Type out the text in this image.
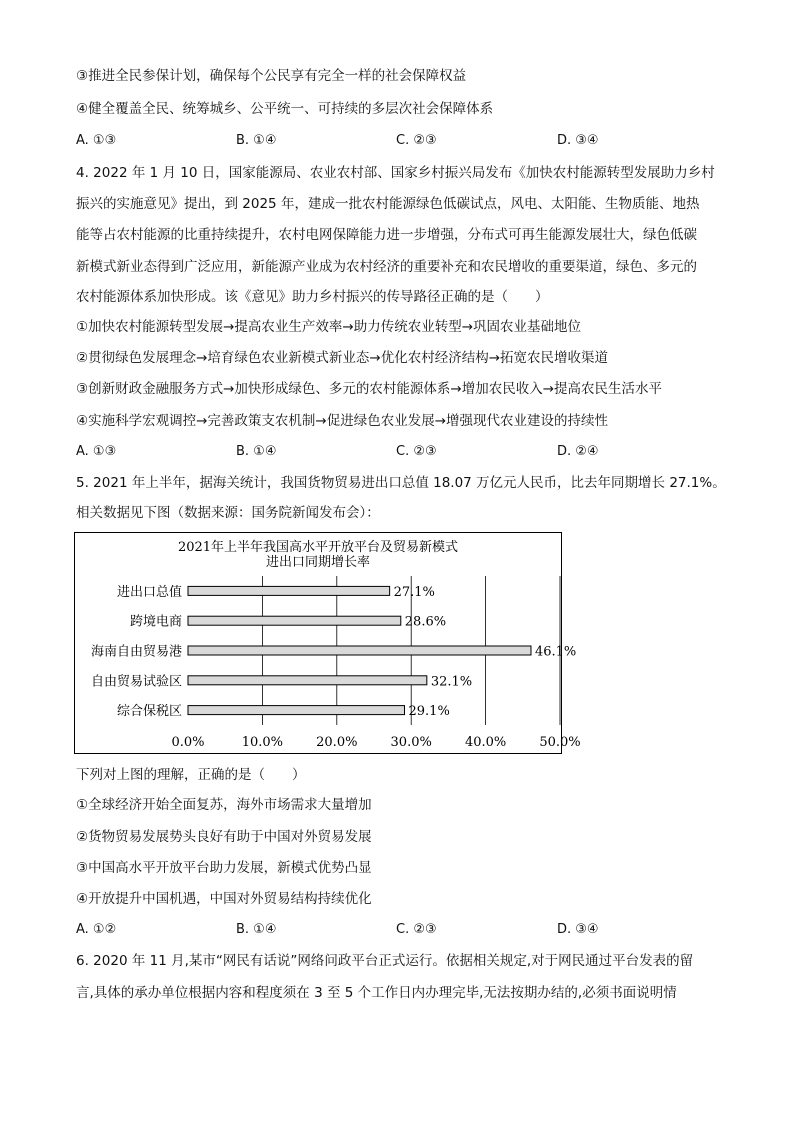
③推进全民参保计划，确保每个公民享有完全一样的社会保障权益
④健全覆盖全民、统筹城乡、公平统一、可持续的多层次社会保障体系
A. ①③	B. ①④	C. ②③	D. ③④
4. 2022 年 1 月 10 日，国家能源局、农业农村部、国家乡村振兴局发布《加快农村能源转型发展助力乡村
振兴的实施意见》提出，到 2025 年，建成一批农村能源绿色低碳试点，风电、太阳能、生物质能、地热
能等占农村能源的比重持续提升，农村电网保障能力进一步增强，分布式可再生能源发展壮大，绿色低碳
新模式新业态得到广泛应用，新能源产业成为农村经济的重要补充和农民增收的重要渠道，绿色、多元的
农村能源体系加快形成。该《意见》助力乡村振兴的传导路径正确的是（　　）
①加快农村能源转型发展→提高农业生产效率→助力传统农业转型→巩固农业基础地位
②贯彻绿色发展理念→培育绿色农业新模式新业态→优化农村经济结构→拓宽农民增收渠道
③创新财政金融服务方式→加快形成绿色、多元的农村能源体系→增加农民收入→提高农民生活水平
④实施科学宏观调控→完善政策支农机制→促进绿色农业发展→增强现代农业建设的持续性
A. ①③	B. ①④	C. ②③	D. ②④
5. 2021 年上半年，据海关统计，我国货物贸易进出口总值 18.07 万亿元人民币，比去年同期增长 27.1%。
相关数据见下图（数据来源：国务院新闻发布会）：
2021年上半年我国高水平开放平台及贸易新模式
进出口同期增长率
0.0%	10.0%	20.0%	30.0%	40.0%	50.0%
进出口总值	27.1%
跨境电商	28.6%
海南自由贸易港	46.1%
自由贸易试验区	32.1%
综合保税区	29.1%
下列对上图的理解，正确的是（　　）
①全球经济开始全面复苏，海外市场需求大量增加
②货物贸易发展势头良好有助于中国对外贸易发展
③中国高水平开放平台助力发展，新模式优势凸显
④开放提升中国机遇，中国对外贸易结构持续优化
A. ①②	B. ①④	C. ②③	D. ③④
6. 2020 年 11 月,某市“网民有话说”网络问政平台正式运行。依据相关规定,对于网民通过平台发表的留
言,具体的承办单位根据内容和程度须在 3 至 5 个工作日内办理完毕,无法按期办结的,必须书面说明情
